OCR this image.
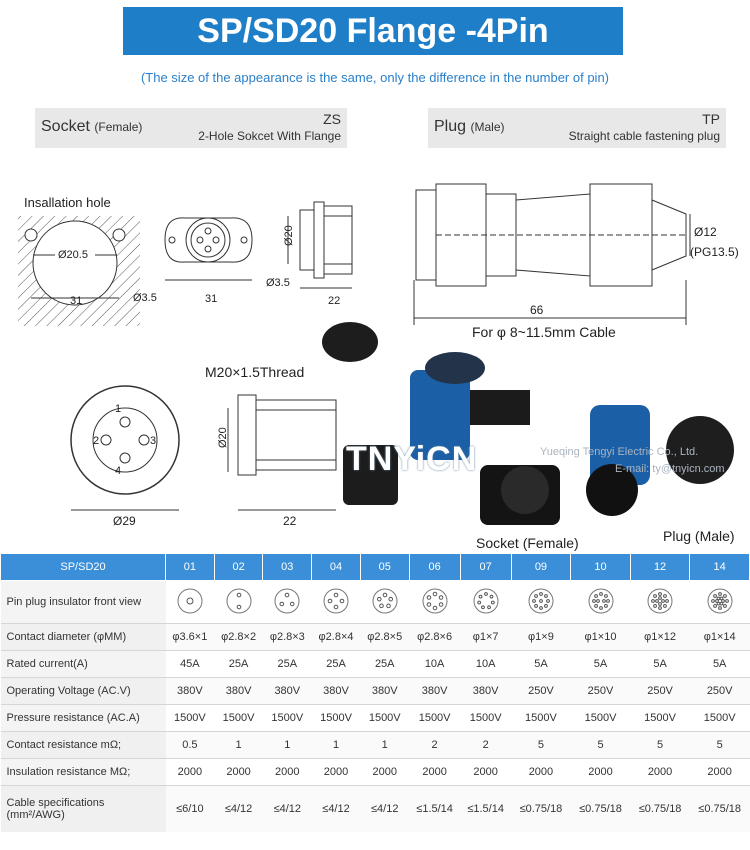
SP/SD20 Flange -4Pin
(The size of the appearance is the same, only the difference in the number of pin)
Socket (Female)	ZS
2-Hole Sokcet With Flange
Plug (Male)	TP
Straight cable fastening plug
Insallation hole
Ø20.5
31	Ø3.5	31
Ø3.5
Ø20
22
Ø12
(PG13.5)
66
For φ 8~11.5mm Cable
M20×1.5Thread
1
2	3
4
Ø29
Ø20
22
TNYiCN	Yueqing Tengyi Electric Co., Ltd.
E-mail: ty@tnyicn.com
Socket (Female)	Plug (Male)
SP/SD20	01	02	03	04	05	06	07	09	10	12	14
Pin plug insulator front view											
Contact diameter (φMM)	φ3.6×1	φ2.8×2	φ2.8×3	φ2.8×4	φ2.8×5	φ2.8×6	φ1×7	φ1×9	φ1×10	φ1×12	φ1×14
Rated current(A)	45A	25A	25A	25A	25A	10A	10A	5A	5A	5A	5A
Operating Voltage (AC.V)	380V	380V	380V	380V	380V	380V	380V	250V	250V	250V	250V
Pressure resistance (AC.A)	1500V	1500V	1500V	1500V	1500V	1500V	1500V	1500V	1500V	1500V	1500V
Contact resistance mΩ;	0.5	1	1	1	1	2	2	5	5	5	5
Insulation resistance MΩ;	2000	2000	2000	2000	2000	2000	2000	2000	2000	2000	2000
Cable specifications (mm²/AWG)	≤6/10	≤4/12	≤4/12	≤4/12	≤4/12	≤1.5/14	≤1.5/14	≤0.75/18	≤0.75/18	≤0.75/18	≤0.75/18
